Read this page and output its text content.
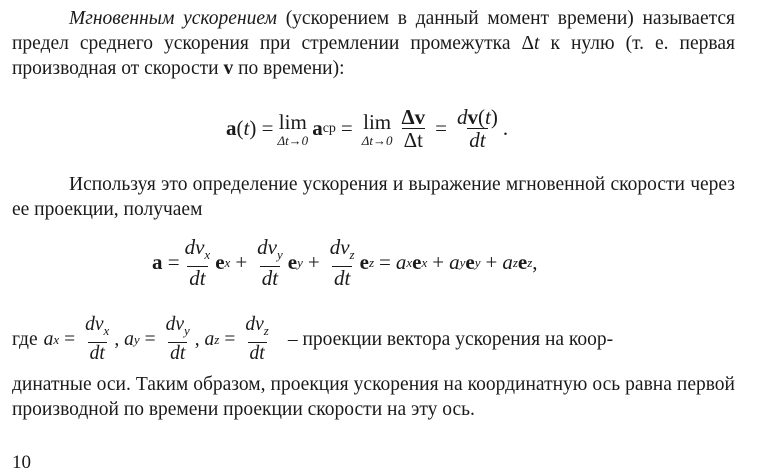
Мгновенным ускорением (ускорением в данный момент времени) называется предел среднего ускорения при стремлении промежутка Δt к нулю (т. е. первая производная от скорости v по времени):

a(t) = lim
Δt→0
a ср = lim
$\Delta t\to 0 \frac{\Delta v}{\Delta t} = \frac{dv(t)}{dt}$ .

Используя это определение ускорения и выражение мгновенной скорости через ее проекции, получаем

$a = \frac{dv_x}{dt}$ e $x + \frac{dv_y}{dt}$ e $y + \frac{dv_z}{dt}$ e z = a x e x + a y e y + a z e z ,
где a $x = \frac{dv_x}{dt}$ , a $y = \frac{dv_y}{dt}$ , a $z = \frac{dv_z}{dt}$ – проекции вектора ускорения на коор-

динатные оси. Таким образом, проекция ускорения на координатную ось равна первой производной по времени проекции скорости на эту ось.

10
